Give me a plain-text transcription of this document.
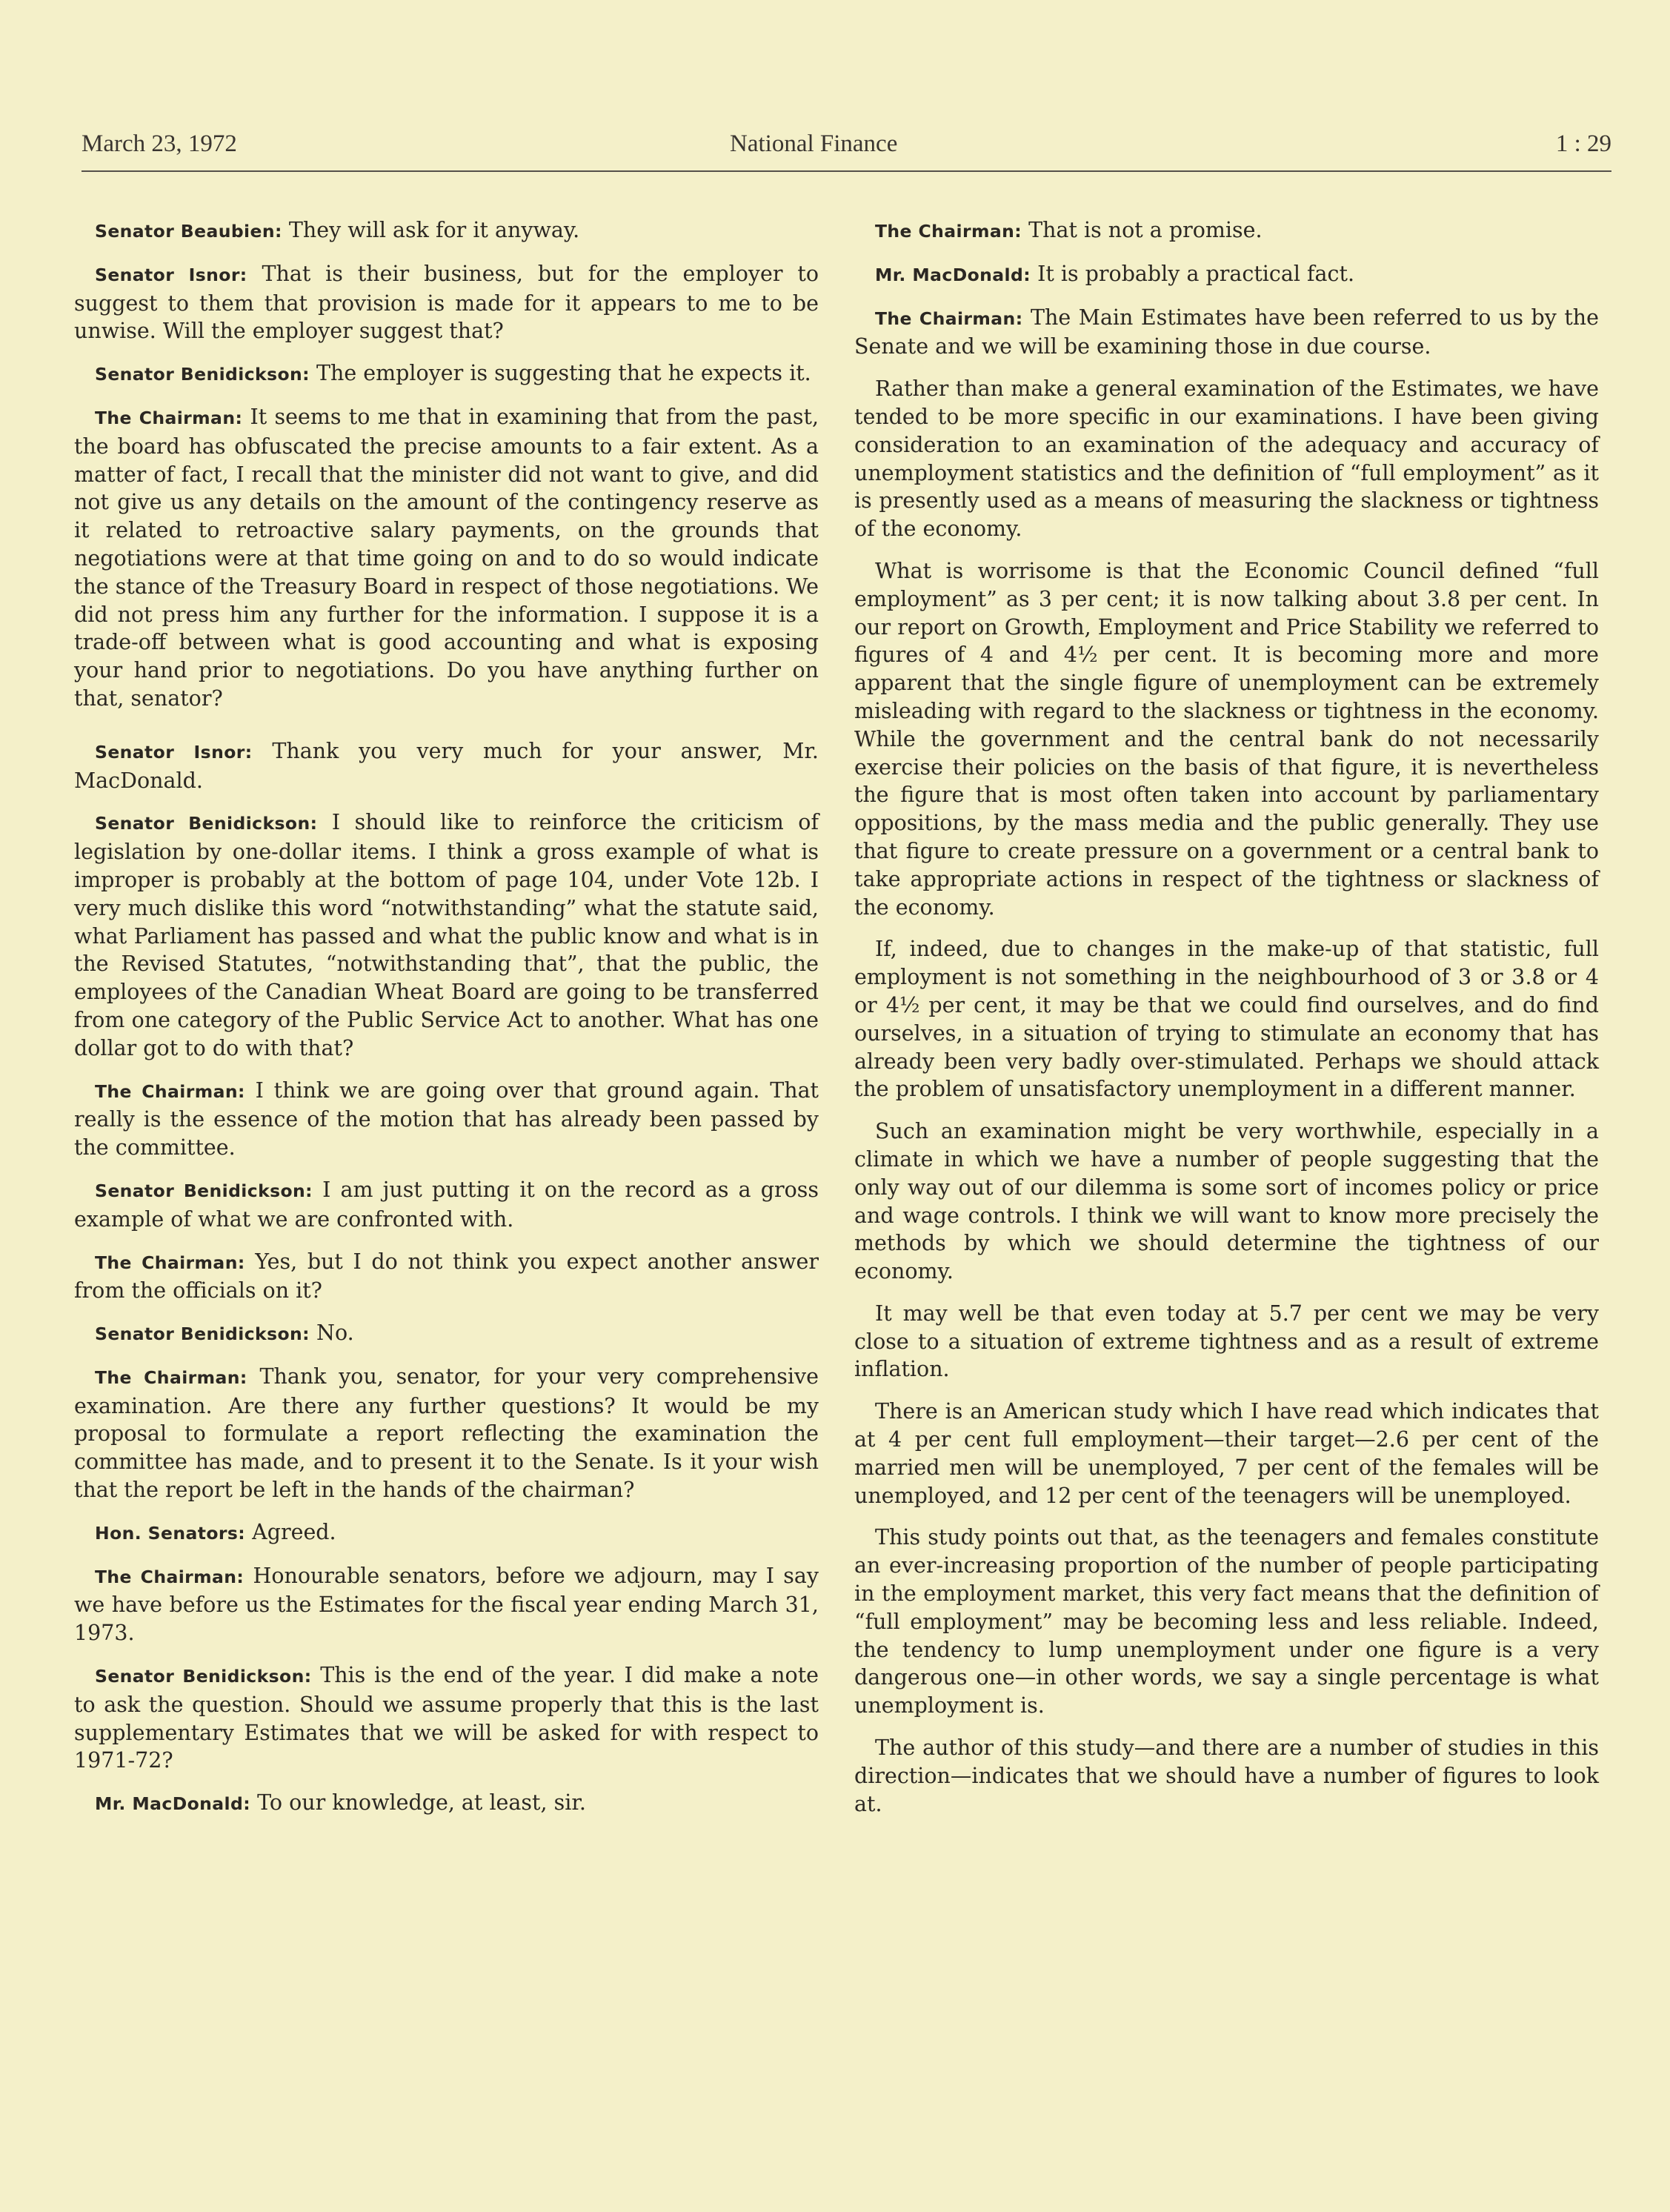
March 23, 1972	National Finance	1 : 29

Senator Beaubien: They will ask for it anyway.

Senator Isnor: That is their business, but for the employer to suggest to them that provision is made for it appears to me to be unwise. Will the employer suggest that?

Senator Benidickson: The employer is suggesting that he expects it.

The Chairman: It seems to me that in examining that from the past, the board has obfuscated the precise amounts to a fair extent. As a matter of fact, I recall that the minister did not want to give, and did not give us any details on the amount of the contingency reserve as it related to retroactive salary payments, on the grounds that negotiations were at that time going on and to do so would indicate the stance of the Treasury Board in respect of those negotiations. We did not press him any further for the information. I suppose it is a trade-off between what is good accounting and what is exposing your hand prior to negotiations. Do you have anything further on that, senator?

Senator Isnor: Thank you very much for your answer, Mr. MacDonald.

Senator Benidickson: I should like to reinforce the criticism of legislation by one-dollar items. I think a gross example of what is improper is probably at the bottom of page 104, under Vote 12b. I very much dislike this word “notwithstanding” what the statute said, what Parliament has passed and what the public know and what is in the Revised Statutes, “notwithstanding that”, that the public, the employees of the Canadian Wheat Board are going to be transferred from one category of the Public Service Act to another. What has one dollar got to do with that?

The Chairman: I think we are going over that ground again. That really is the essence of the motion that has already been passed by the committee.

Senator Benidickson: I am just putting it on the record as a gross example of what we are confronted with.

The Chairman: Yes, but I do not think you expect another answer from the officials on it?

Senator Benidickson: No.

The Chairman: Thank you, senator, for your very comprehensive examination. Are there any further questions? It would be my proposal to formulate a report reflecting the examination the committee has made, and to present it to the Senate. Is it your wish that the report be left in the hands of the chairman?

Hon. Senators: Agreed.

The Chairman: Honourable senators, before we adjourn, may I say we have before us the Estimates for the fiscal year ending March 31, 1973.

Senator Benidickson: This is the end of the year. I did make a note to ask the question. Should we assume properly that this is the last supplementary Estimates that we will be asked for with respect to 1971-72?

Mr. MacDonald: To our knowledge, at least, sir.

The Chairman: That is not a promise.

Mr. MacDonald: It is probably a practical fact.

The Chairman: The Main Estimates have been referred to us by the Senate and we will be examining those in due course.

Rather than make a general examination of the Estimates, we have tended to be more specific in our examinations. I have been giving consideration to an examination of the adequacy and accuracy of unemployment statistics and the definition of “full employment” as it is presently used as a means of measuring the slackness or tightness of the economy.

What is worrisome is that the Economic Council defined “full employment” as 3 per cent; it is now talking about 3.8 per cent. In our report on Growth, Employment and Price Stability we referred to figures of 4 and 4½ per cent. It is becoming more and more apparent that the single figure of unemployment can be extremely misleading with regard to the slackness or tightness in the economy. While the government and the central bank do not necessarily exercise their policies on the basis of that figure, it is nevertheless the figure that is most often taken into account by parliamentary oppositions, by the mass media and the public generally. They use that figure to create pressure on a government or a central bank to take appropriate actions in respect of the tightness or slackness of the economy.

If, indeed, due to changes in the make-up of that statistic, full employment is not something in the neighbourhood of 3 or 3.8 or 4 or 4½ per cent, it may be that we could find ourselves, and do find ourselves, in a situation of trying to stimulate an economy that has already been very badly over-stimulated. Perhaps we should attack the problem of unsatisfactory unemployment in a different manner.

Such an examination might be very worthwhile, especially in a climate in which we have a number of people suggesting that the only way out of our dilemma is some sort of incomes policy or price and wage controls. I think we will want to know more precisely the methods by which we should determine the tightness of our economy.

It may well be that even today at 5.7 per cent we may be very close to a situation of extreme tightness and as a result of extreme inflation.

There is an American study which I have read which indicates that at 4 per cent full employment—their target—2.6 per cent of the married men will be unemployed, 7 per cent of the females will be unemployed, and 12 per cent of the teenagers will be unemployed.

This study points out that, as the teenagers and females constitute an ever-increasing proportion of the number of people participating in the employment market, this very fact means that the definition of “full employment” may be becoming less and less reliable. Indeed, the tendency to lump unemployment under one figure is a very dangerous one—in other words, we say a single percentage is what unemployment is.

The author of this study—and there are a number of studies in this direction—indicates that we should have a number of figures to look at.
